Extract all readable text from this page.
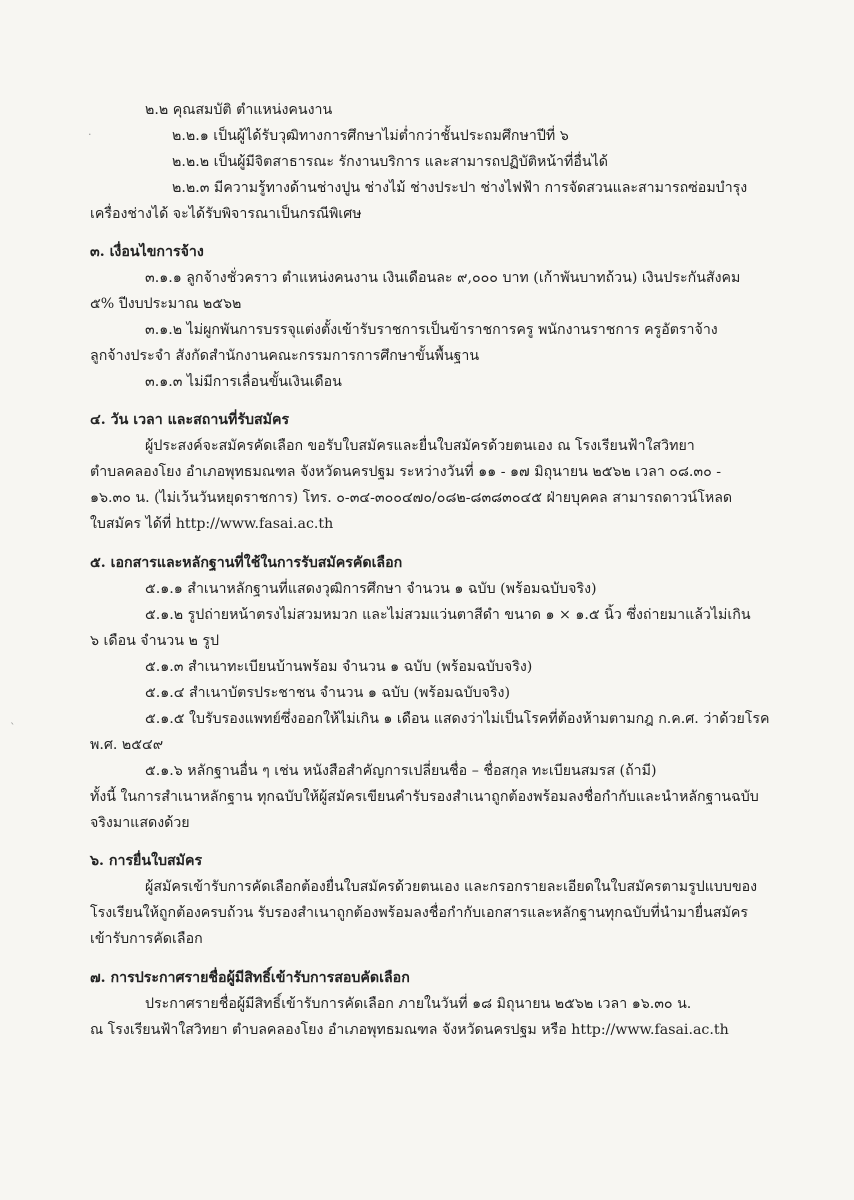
๒.๒ คุณสมบัติ ตำแหน่งคนงาน
๒.๒.๑ เป็นผู้ได้รับวุฒิทางการศึกษาไม่ต่ำกว่าชั้นประถมศึกษาปีที่ ๖
๒.๒.๒ เป็นผู้มีจิตสาธารณะ รักงานบริการ และสามารถปฏิบัติหน้าที่อื่นได้
๒.๒.๓ มีความรู้ทางด้านช่างปูน ช่างไม้ ช่างประปา ช่างไฟฟ้า การจัดสวนและสามารถซ่อมบำรุง
เครื่องช่างได้ จะได้รับพิจารณาเป็นกรณีพิเศษ
๓. เงื่อนไขการจ้าง
๓.๑.๑ ลูกจ้างชั่วคราว ตำแหน่งคนงาน เงินเดือนละ ๙,๐๐๐ บาท (เก้าพันบาทถ้วน) เงินประกันสังคม
๕% ปีงบประมาณ ๒๕๖๒
๓.๑.๒ ไม่ผูกพันการบรรจุแต่งตั้งเข้ารับราชการเป็นข้าราชการครู พนักงานราชการ ครูอัตราจ้าง
ลูกจ้างประจำ สังกัดสำนักงานคณะกรรมการการศึกษาขั้นพื้นฐาน
๓.๑.๓ ไม่มีการเลื่อนขั้นเงินเดือน
๔. วัน เวลา และสถานที่รับสมัคร
ผู้ประสงค์จะสมัครคัดเลือก ขอรับใบสมัครและยื่นใบสมัครด้วยตนเอง ณ โรงเรียนฟ้าใสวิทยา
ตำบลคลองโยง อำเภอพุทธมณฑล จังหวัดนครปฐม ระหว่างวันที่ ๑๑ - ๑๗ มิถุนายน ๒๕๖๒ เวลา ๐๘.๓๐ -
๑๖.๓๐ น. (ไม่เว้นวันหยุดราชการ) โทร. ๐-๓๔-๓๐๐๔๗๐/๐๘๒-๘๓๘๓๐๔๕ ฝ่ายบุคคล สามารถดาวน์โหลด
ใบสมัคร ได้ที่ http://www.fasai.ac.th
๕. เอกสารและหลักฐานที่ใช้ในการรับสมัครคัดเลือก
๕.๑.๑ สำเนาหลักฐานที่แสดงวุฒิการศึกษา จำนวน ๑ ฉบับ (พร้อมฉบับจริง)
๕.๑.๒ รูปถ่ายหน้าตรงไม่สวมหมวก และไม่สวมแว่นตาสีดำ ขนาด ๑ × ๑.๕ นิ้ว ซึ่งถ่ายมาแล้วไม่เกิน
๖ เดือน จำนวน ๒ รูป
๕.๑.๓ สำเนาทะเบียนบ้านพร้อม จำนวน ๑ ฉบับ (พร้อมฉบับจริง)
๕.๑.๔ สำเนาบัตรประชาชน จำนวน ๑ ฉบับ (พร้อมฉบับจริง)
๕.๑.๕ ใบรับรองแพทย์ซึ่งออกให้ไม่เกิน ๑ เดือน แสดงว่าไม่เป็นโรคที่ต้องห้ามตามกฎ ก.ค.ศ. ว่าด้วยโรค
พ.ศ. ๒๕๔๙
๕.๑.๖ หลักฐานอื่น ๆ เช่น หนังสือสำคัญการเปลี่ยนชื่อ – ชื่อสกุล ทะเบียนสมรส (ถ้ามี)
ทั้งนี้ ในการสำเนาหลักฐาน ทุกฉบับให้ผู้สมัครเขียนคำรับรองสำเนาถูกต้องพร้อมลงชื่อกำกับและนำหลักฐานฉบับ
จริงมาแสดงด้วย
๖. การยื่นใบสมัคร
ผู้สมัครเข้ารับการคัดเลือกต้องยื่นใบสมัครด้วยตนเอง และกรอกรายละเอียดในใบสมัครตามรูปแบบของ
โรงเรียนให้ถูกต้องครบถ้วน รับรองสำเนาถูกต้องพร้อมลงชื่อกำกับเอกสารและหลักฐานทุกฉบับที่นำมายื่นสมัคร
เข้ารับการคัดเลือก
๗. การประกาศรายชื่อผู้มีสิทธิ์เข้ารับการสอบคัดเลือก
ประกาศรายชื่อผู้มีสิทธิ์เข้ารับการคัดเลือก ภายในวันที่ ๑๘ มิถุนายน ๒๕๖๒ เวลา ๑๖.๓๐ น.
ณ โรงเรียนฟ้าใสวิทยา ตำบลคลองโยง อำเภอพุทธมณฑล จังหวัดนครปฐม หรือ http://www.fasai.ac.th
·
ˎ
